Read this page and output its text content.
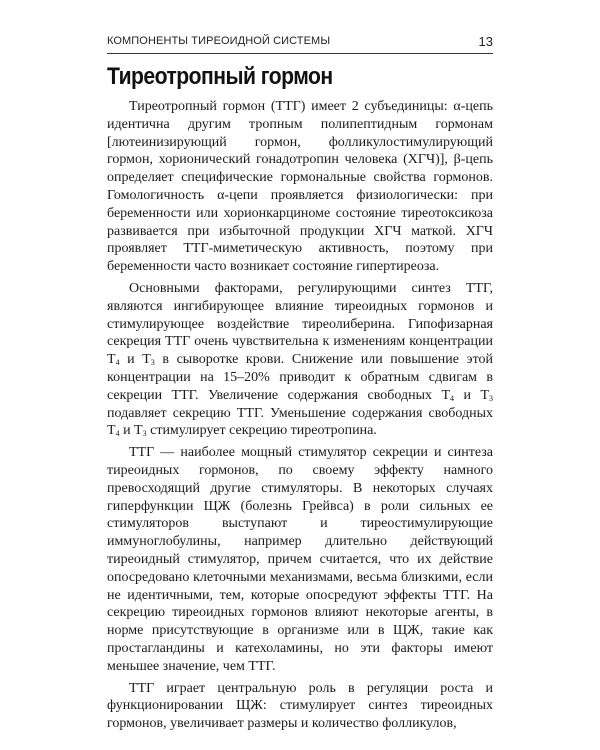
КОМПОНЕНТЫ ТИРЕОИДНОЙ СИСТЕМЫ	13
Тиреотропный гормон

Тиреотропный гормон (ТТГ) имеет 2 субъединицы: α-цепь идентична другим тропным полипептидным гормонам [лютеинизирующий гормон, фолликулостимулирующий гормон, хорионический гонадотропин человека (ХГЧ)], β-цепь определяет специфические гормональные свойства гормонов. Гомологичность α-цепи проявляется физиологически: при беременности или хорионкарциноме состояние тиреотоксикоза развивается при избыточной продукции ХГЧ маткой. ХГЧ проявляет ТТГ-миметическую активность, поэтому при беременности часто возникает состояние гипертиреоза.

Основными факторами, регулирующими синтез ТТГ, являются ингибирующее влияние тиреоидных гормонов и стимулирующее воздействие тиреолиберина. Гипофизарная секреция ТТГ очень чувствительна к изменениям концентрации $Т_4$ и $Т_3$ в сыворотке крови. Снижение или повышение этой концентрации на 15–20% приводит к обратным сдвигам в секреции ТТГ. Увеличение содержания свободных $Т_4$ и $Т_3$ подавляет секрецию ТТГ. Уменьшение содержания свободных $Т_4$ и $Т_3$ стимулирует секрецию тиреотропина.

ТТГ — наиболее мощный стимулятор секреции и синтеза тиреоидных гормонов, по своему эффекту намного превосходящий другие стимуляторы. В некоторых случаях гиперфункции ЩЖ (болезнь Грейвса) в роли сильных ее стимуляторов выступают и тиреостимулирующие иммуноглобулины, например длительно действующий тиреоидный стимулятор, причем считается, что их действие опосредовано клеточными механизмами, весьма близкими, если не идентичными, тем, которые опосредуют эффекты ТТГ. На секрецию тиреоидных гормонов влияют некоторые агенты, в норме присутствующие в организме или в ЩЖ, такие как простагландины и катехоламины, но эти факторы имеют меньшее значение, чем ТТГ.

ТТГ играет центральную роль в регуляции роста и функционировании ЩЖ: стимулирует синтез тиреоидных гормонов, увеличивает размеры и количество фолликулов,
